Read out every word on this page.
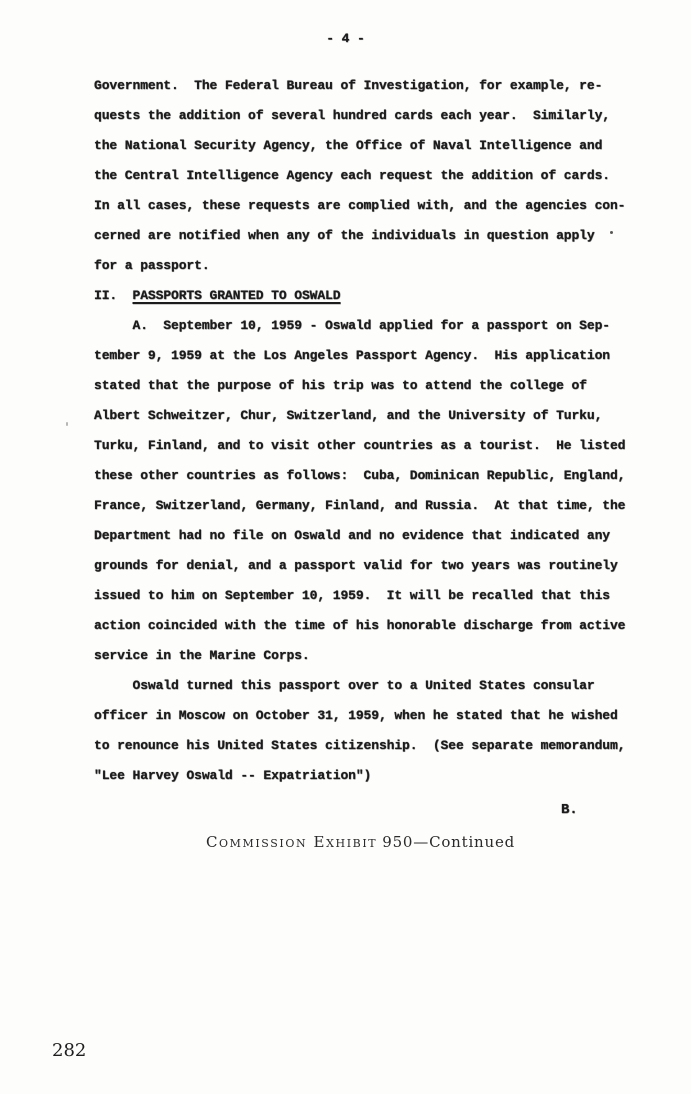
- 4 -
Government.  The Federal Bureau of Investigation, for example, re-
quests the addition of several hundred cards each year.  Similarly,
the National Security Agency, the Office of Naval Intelligence and
the Central Intelligence Agency each request the addition of cards.
In all cases, these requests are complied with, and the agencies con-
cerned are notified when any of the individuals in question apply
for a passport.
II.  PASSPORTS GRANTED TO OSWALD
A.  September 10, 1959 - Oswald applied for a passport on Sep-
tember 9, 1959 at the Los Angeles Passport Agency.  His application
stated that the purpose of his trip was to attend the college of
Albert Schweitzer, Chur, Switzerland, and the University of Turku,
Turku, Finland, and to visit other countries as a tourist.  He listed
these other countries as follows:  Cuba, Dominican Republic, England,
France, Switzerland, Germany, Finland, and Russia.  At that time, the
Department had no file on Oswald and no evidence that indicated any
grounds for denial, and a passport valid for two years was routinely
issued to him on September 10, 1959.  It will be recalled that this
action coincided with the time of his honorable discharge from active
service in the Marine Corps.
Oswald turned this passport over to a United States consular
officer in Moscow on October 31, 1959, when he stated that he wished
to renounce his United States citizenship.  (See separate memorandum,
"Lee Harvey Oswald -- Expatriation")
B.
Commission Exhibit 950—Continued
282
